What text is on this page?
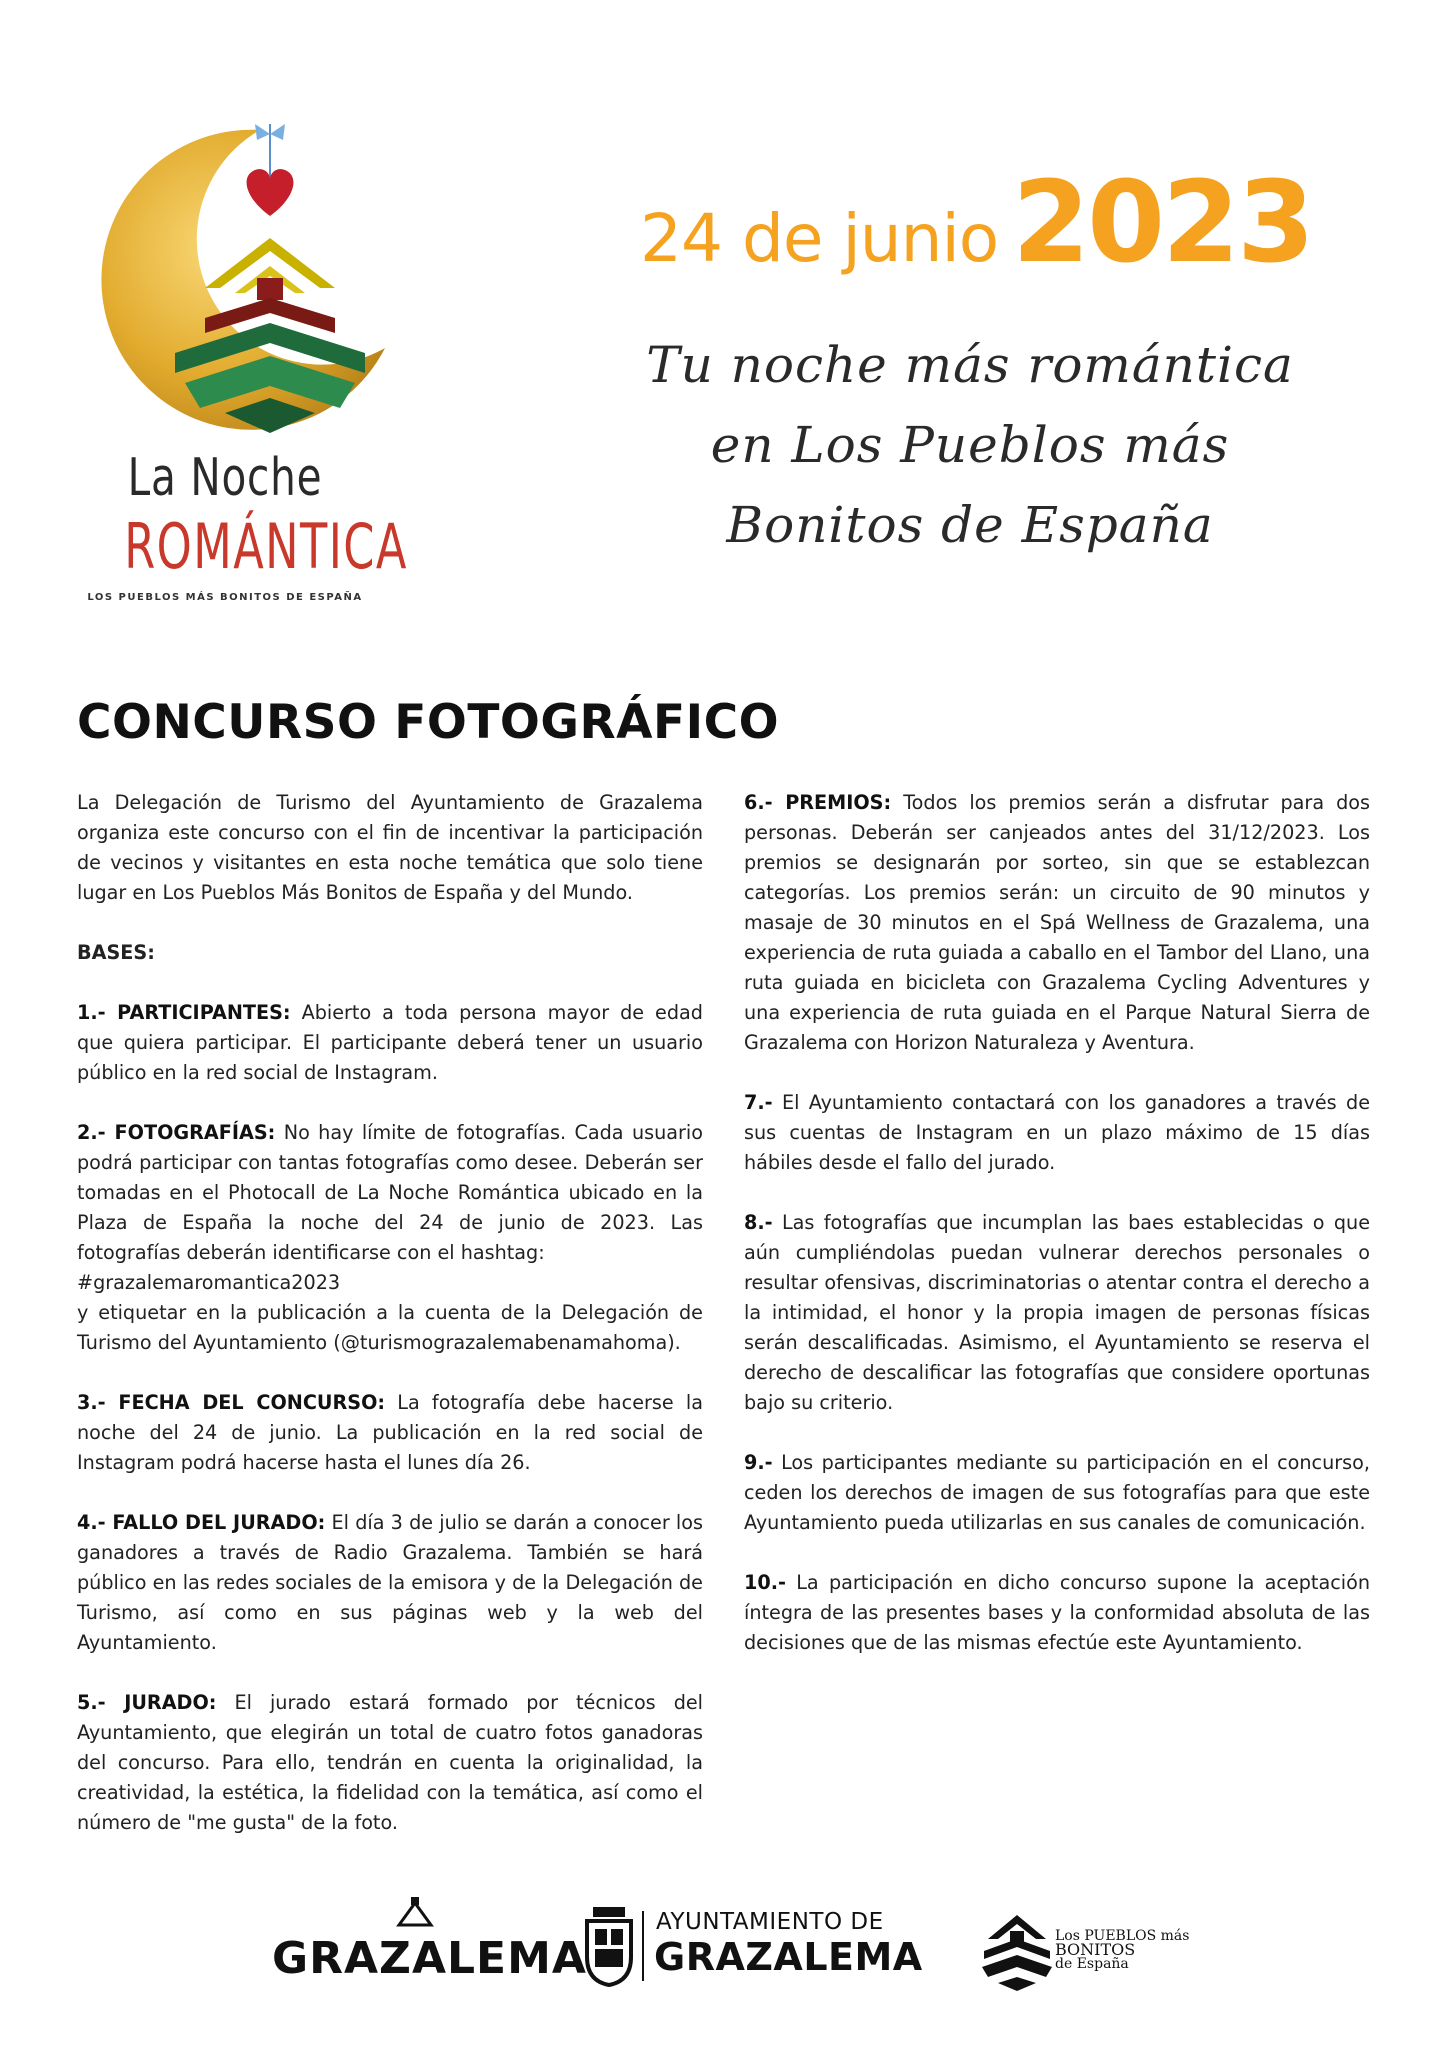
La Noche
ROMÁNTICA
LOS PUEBLOS MÁS BONITOS DE ESPAÑA
24 de junio 2023
Tu noche más romántica
en Los Pueblos más
Bonitos de España
CONCURSO FOTOGRÁFICO

La Delegación de Turismo del Ayuntamiento de Grazalema organiza este concurso con el fin de incentivar la participación de vecinos y visitantes en esta noche temática que solo tiene lugar en Los Pueblos Más Bonitos de España y del Mundo.

BASES:

1.- PARTICIPANTES: Abierto a toda persona mayor de edad que quiera participar. El participante deberá tener un usuario público en la red social de Instagram.

2.- FOTOGRAFÍAS: No hay límite de fotografías. Cada usuario podrá participar con tantas fotografías como desee. Deberán ser tomadas en el Photocall de La Noche Romántica ubicado en la Plaza de España la noche del 24 de junio de 2023. Las fotografías deberán identificarse con el hashtag:
#grazalemaromantica2023
y etiquetar en la publicación a la cuenta de la Delegación de Turismo del Ayuntamiento (@turismograzalemabenamahoma).

3.- FECHA DEL CONCURSO: La fotografía debe hacerse la noche del 24 de junio. La publicación en la red social de Instagram podrá hacerse hasta el lunes día 26.

4.- FALLO DEL JURADO: El día 3 de julio se darán a conocer los ganadores a través de Radio Grazalema. También se hará público en las redes sociales de la emisora y de la Delegación de Turismo, así como en sus páginas web y la web del Ayuntamiento.

5.- JURADO: El jurado estará formado por técnicos del Ayuntamiento, que elegirán un total de cuatro fotos ganadoras del concurso. Para ello, tendrán en cuenta la originalidad, la creatividad, la estética, la fidelidad con la temática, así como el número de "me gusta" de la foto.

6.- PREMIOS: Todos los premios serán a disfrutar para dos personas. Deberán ser canjeados antes del 31/12/2023. Los premios se designarán por sorteo, sin que se establezcan categorías. Los premios serán: un circuito de 90 minutos y masaje de 30 minutos en el Spá Wellness de Grazalema, una experiencia de ruta guiada a caballo en el Tambor del Llano, una ruta guiada en bicicleta con Grazalema Cycling Adventures y una experiencia de ruta guiada en el Parque Natural Sierra de Grazalema con Horizon Naturaleza y Aventura.

7.- El Ayuntamiento contactará con los ganadores a través de sus cuentas de Instagram en un plazo máximo de 15 días hábiles desde el fallo del jurado.

8.- Las fotografías que incumplan las baes establecidas o que aún cumpliéndolas puedan vulnerar derechos personales o resultar ofensivas, discriminatorias o atentar contra el derecho a la intimidad, el honor y la propia imagen de personas físicas serán descalificadas. Asimismo, el Ayuntamiento se reserva el derecho de descalificar las fotografías que considere oportunas bajo su criterio.

9.- Los participantes mediante su participación en el concurso, ceden los derechos de imagen de sus fotografías para que este Ayuntamiento pueda utilizarlas en sus canales de comunicación.

10.- La participación en dicho concurso supone la aceptación íntegra de las presentes bases y la conformidad absoluta de las decisiones que de las mismas efectúe este Ayuntamiento.

GRAZALEMA
AYUNTAMIENTO DE
GRAZALEMA	Los PUEBLOS más
BONITOS
de España
